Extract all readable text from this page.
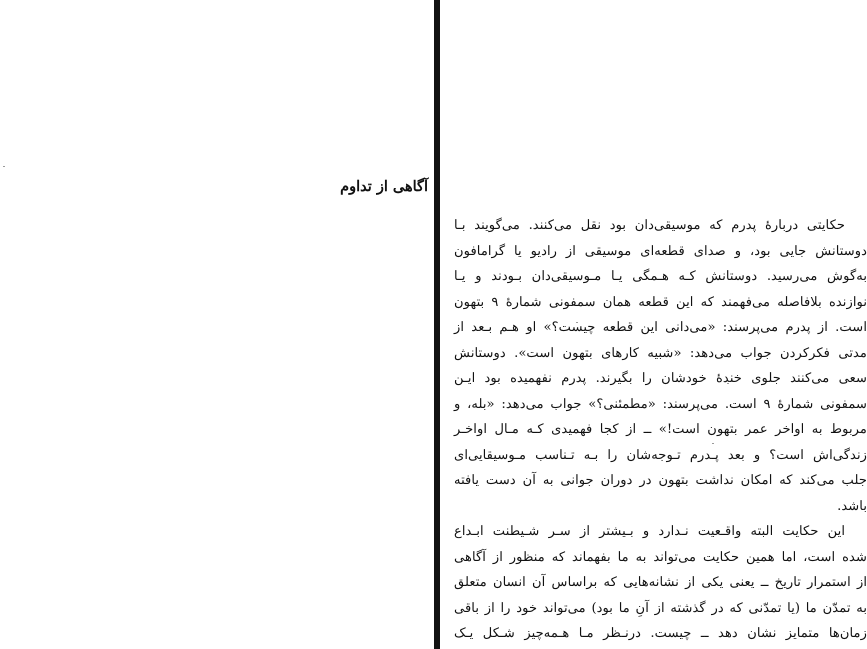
آگاهی از تداوم
حکایتی دربارهٔ پدرم که موسیقی‌دان بود نقل می‌کنند. می‌گویند بـا
دوستانش جایی بود، و صدای قطعه‌ای موسیقی از رادیو یا گرامافون
به‌گوش می‌رسید. دوستانش کـه هـمگی یـا مـوسیقی‌دان بـودند و یـا
نوازنده بلافاصله می‌فهمند که این قطعه همان سمفونی شمارهٔ ۹ بتهون
است. از پدرم می‌پرسند: «می‌دانی این قطعه چیست؟» او هـم بـعد از
مدتی فکرکردن جواب می‌دهد: «شبیه کارهای بتهون است». دوستانش
سعی می‌کنند جلوی خندهٔ خودشان را بگیرند. پدرم نفهمیده بود ایـن
سمفونی شمارهٔ ۹ است. می‌پرسند: «مطمئنی؟» جواب می‌دهد: «بله، و
مربوط به اواخر عمر بتهون است!» ــ از کجا فهمیدی کـه مـال اواخـر
زندگی‌اش است؟ و بعد پـدرم تـوجه‌شان را بـه تـناسب مـوسیقایی‌ای
جلب می‌کند که امکان نداشت بتهون در دوران جوانی به آن دست یافته
باشد.
این حکایت البته واقـعیت نـدارد و بـیشتر از سـر شـیطنت ابـداع
شده است، اما همین حکایت می‌تواند به ما بفهماند که منظور از آگاهی
از استمرار تاریخ ــ یعنی یکی از نشانه‌هایی که براساس آن انسان متعلق
به تمدّن ما (یا تمدّنی که در گذشته از آنِ ما بود) می‌تواند خود را از باقی
زمان‌ها متمایز نشان دهد ــ چیست. درنـظر مـا هـمه‌چیز شـکل یـک
